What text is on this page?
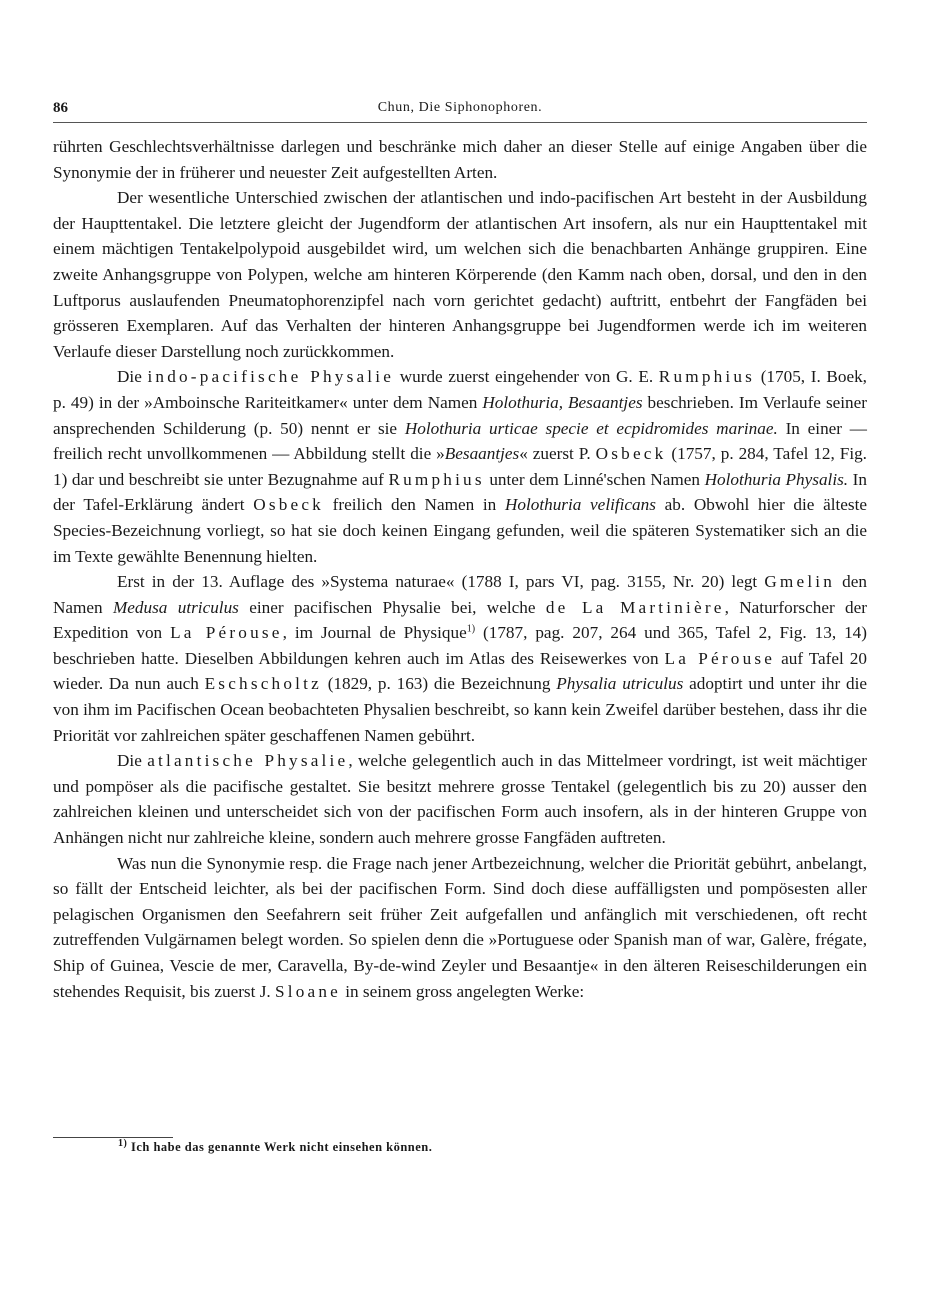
86	Chun, Die Siphonophoren.

rührten Geschlechtsverhältnisse darlegen und beschränke mich daher an dieser Stelle auf einige Angaben über die Synonymie der in früherer und neuester Zeit aufgestellten Arten.

Der wesentliche Unterschied zwischen der atlantischen und indo-pacifischen Art besteht in der Ausbildung der Haupttentakel. Die letztere gleicht der Jugendform der atlantischen Art insofern, als nur ein Haupttentakel mit einem mächtigen Tentakelpolypoid ausgebildet wird, um welchen sich die benachbarten Anhänge gruppiren. Eine zweite Anhangsgruppe von Polypen, welche am hinteren Körperende (den Kamm nach oben, dorsal, und den in den Luftporus auslaufenden Pneumatophorenzipfel nach vorn gerichtet gedacht) auftritt, entbehrt der Fangfäden bei grösseren Exemplaren. Auf das Verhalten der hinteren Anhangsgruppe bei Jugendformen werde ich im weiteren Verlaufe dieser Darstellung noch zurückkommen.

Die indo-pacifische Physalie wurde zuerst eingehender von G. E. Rumphius (1705, I. Boek, p. 49) in der »Amboinsche Rariteitkamer« unter dem Namen Holothuria, Besaantjes beschrieben. Im Verlaufe seiner ansprechenden Schilderung (p. 50) nennt er sie Holothuria urticae specie et ecpidromides marinae. In einer — freilich recht unvollkommenen — Abbildung stellt die »Besaantjes« zuerst P. Osbeck (1757, p. 284, Tafel 12, Fig. 1) dar und beschreibt sie unter Bezugnahme auf Rumphius unter dem Linné'schen Namen Holothuria Physalis. In der Tafel-Erklärung ändert Osbeck freilich den Namen in Holothuria velificans ab. Obwohl hier die älteste Species-Bezeichnung vorliegt, so hat sie doch keinen Eingang gefunden, weil die späteren Systematiker sich an die im Texte gewählte Benennung hielten.

Erst in der 13. Auflage des »Systema naturae« (1788 I, pars VI, pag. 3155, Nr. 20) legt Gmelin den Namen Medusa utriculus einer pacifischen Physalie bei, welche de La Martinière, Naturforscher der Expedition von La Pérouse, im Journal de Physique$^{1)}$ (1787, pag. 207, 264 und 365, Tafel 2, Fig. 13, 14) beschrieben hatte. Dieselben Abbildungen kehren auch im Atlas des Reisewerkes von La Pérouse auf Tafel 20 wieder. Da nun auch Eschscholtz (1829, p. 163) die Bezeichnung Physalia utriculus adoptirt und unter ihr die von ihm im Pacifischen Ocean beobachteten Physalien beschreibt, so kann kein Zweifel darüber bestehen, dass ihr die Priorität vor zahlreichen später geschaffenen Namen gebührt.

Die atlantische Physalie, welche gelegentlich auch in das Mittelmeer vordringt, ist weit mächtiger und pompöser als die pacifische gestaltet. Sie besitzt mehrere grosse Tentakel (gelegentlich bis zu 20) ausser den zahlreichen kleinen und unterscheidet sich von der pacifischen Form auch insofern, als in der hinteren Gruppe von Anhängen nicht nur zahlreiche kleine, sondern auch mehrere grosse Fangfäden auftreten.

Was nun die Synonymie resp. die Frage nach jener Artbezeichnung, welcher die Priorität gebührt, anbelangt, so fällt der Entscheid leichter, als bei der pacifischen Form. Sind doch diese auffälligsten und pompösesten aller pelagischen Organismen den Seefahrern seit früher Zeit aufgefallen und anfänglich mit verschiedenen, oft recht zutreffenden Vulgärnamen belegt worden. So spielen denn die »Portuguese oder Spanish man of war, Galère, frégate, Ship of Guinea, Vescie de mer, Caravella, By-de-wind Zeyler und Besaantje« in den älteren Reiseschilderungen ein stehendes Requisit, bis zuerst J. Sloane in seinem gross angelegten Werke:

$^{1)}$ Ich habe das genannte Werk nicht einsehen können.
